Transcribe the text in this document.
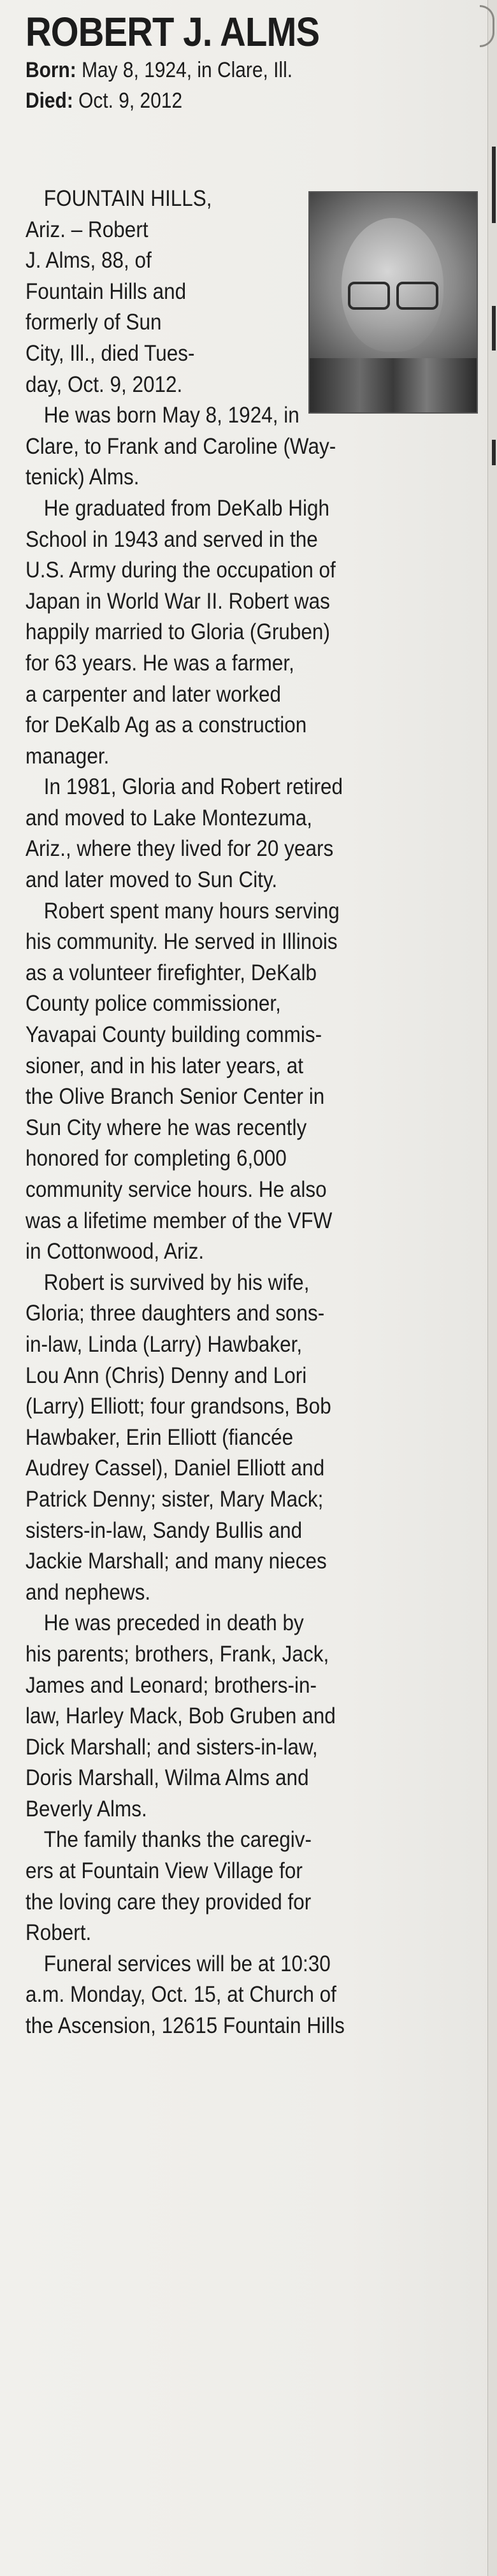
ROBERT J. ALMS

Born: May 8, 1924, in Clare, Ill.

Died: Oct. 9, 2012

FOUNTAIN HILLS,
Ariz. – Robert
J. Alms, 88, of
Fountain Hills and
formerly of Sun
City, Ill., died Tues-
day, Oct. 9, 2012.
He was born May 8, 1924, in
Clare, to Frank and Caroline (Way-
tenick) Alms.
He graduated from DeKalb High
School in 1943 and served in the
U.S. Army during the occupation of
Japan in World War II. Robert was
happily married to Gloria (Gruben)
for 63 years. He was a farmer,
a carpenter and later worked
for DeKalb Ag as a construction
manager.
In 1981, Gloria and Robert retired
and moved to Lake Montezuma,
Ariz., where they lived for 20 years
and later moved to Sun City.
Robert spent many hours serving
his community. He served in Illinois
as a volunteer firefighter, DeKalb
County police commissioner,
Yavapai County building commis-
sioner, and in his later years, at
the Olive Branch Senior Center in
Sun City where he was recently
honored for completing 6,000
community service hours. He also
was a lifetime member of the VFW
in Cottonwood, Ariz.
Robert is survived by his wife,
Gloria; three daughters and sons-
in-law, Linda (Larry) Hawbaker,
Lou Ann (Chris) Denny and Lori
(Larry) Elliott; four grandsons, Bob
Hawbaker, Erin Elliott (fiancée
Audrey Cassel), Daniel Elliott and
Patrick Denny; sister, Mary Mack;
sisters-in-law, Sandy Bullis and
Jackie Marshall; and many nieces
and nephews.
He was preceded in death by
his parents; brothers, Frank, Jack,
James and Leonard; brothers-in-
law, Harley Mack, Bob Gruben and
Dick Marshall; and sisters-in-law,
Doris Marshall, Wilma Alms and
Beverly Alms.
The family thanks the caregiv-
ers at Fountain View Village for
the loving care they provided for
Robert.
Funeral services will be at 10:30
a.m. Monday, Oct. 15, at Church of
the Ascension, 12615 Fountain Hills
